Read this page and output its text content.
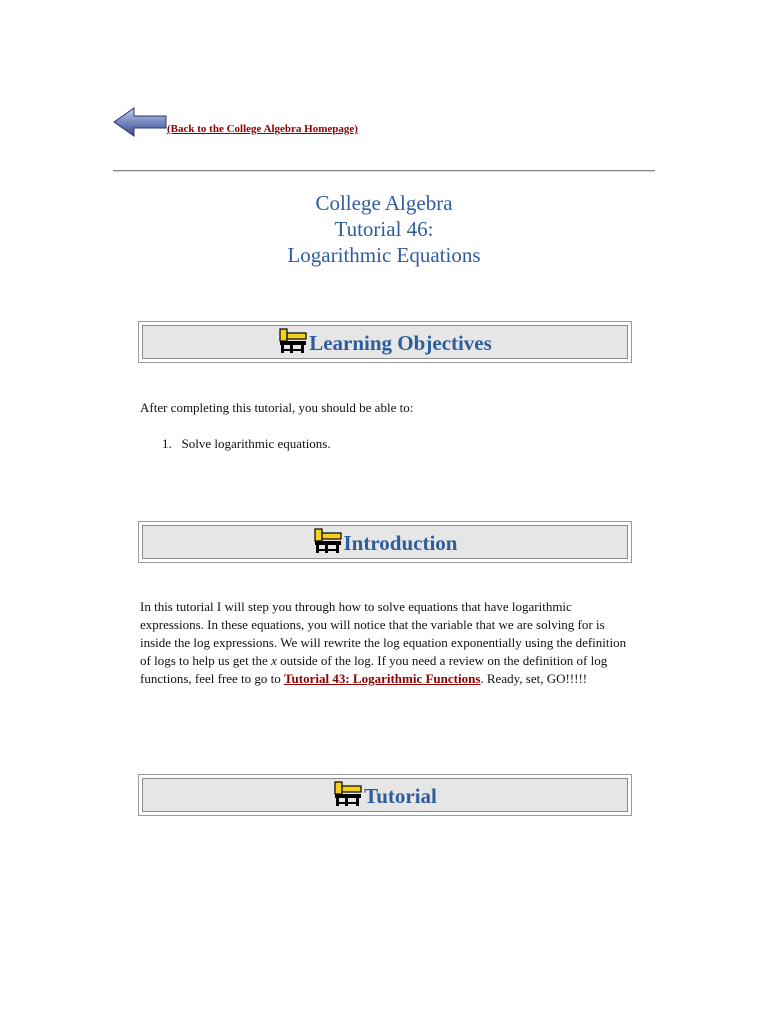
(Back to the College Algebra Homepage)
College Algebra
Tutorial 46:
Logarithmic Equations
Learning Objectives
After completing this tutorial, you should be able to:
1. Solve logarithmic equations.
Introduction
In this tutorial I will step you through how to solve equations that have logarithmic expressions. In these equations, you will notice that the variable that we are solving for is inside the log expressions. We will rewrite the log equation exponentially using the definition of logs to help us get the x outside of the log. If you need a review on the definition of log functions, feel free to go to Tutorial 43: Logarithmic Functions. Ready, set, GO!!!!!
Tutorial
